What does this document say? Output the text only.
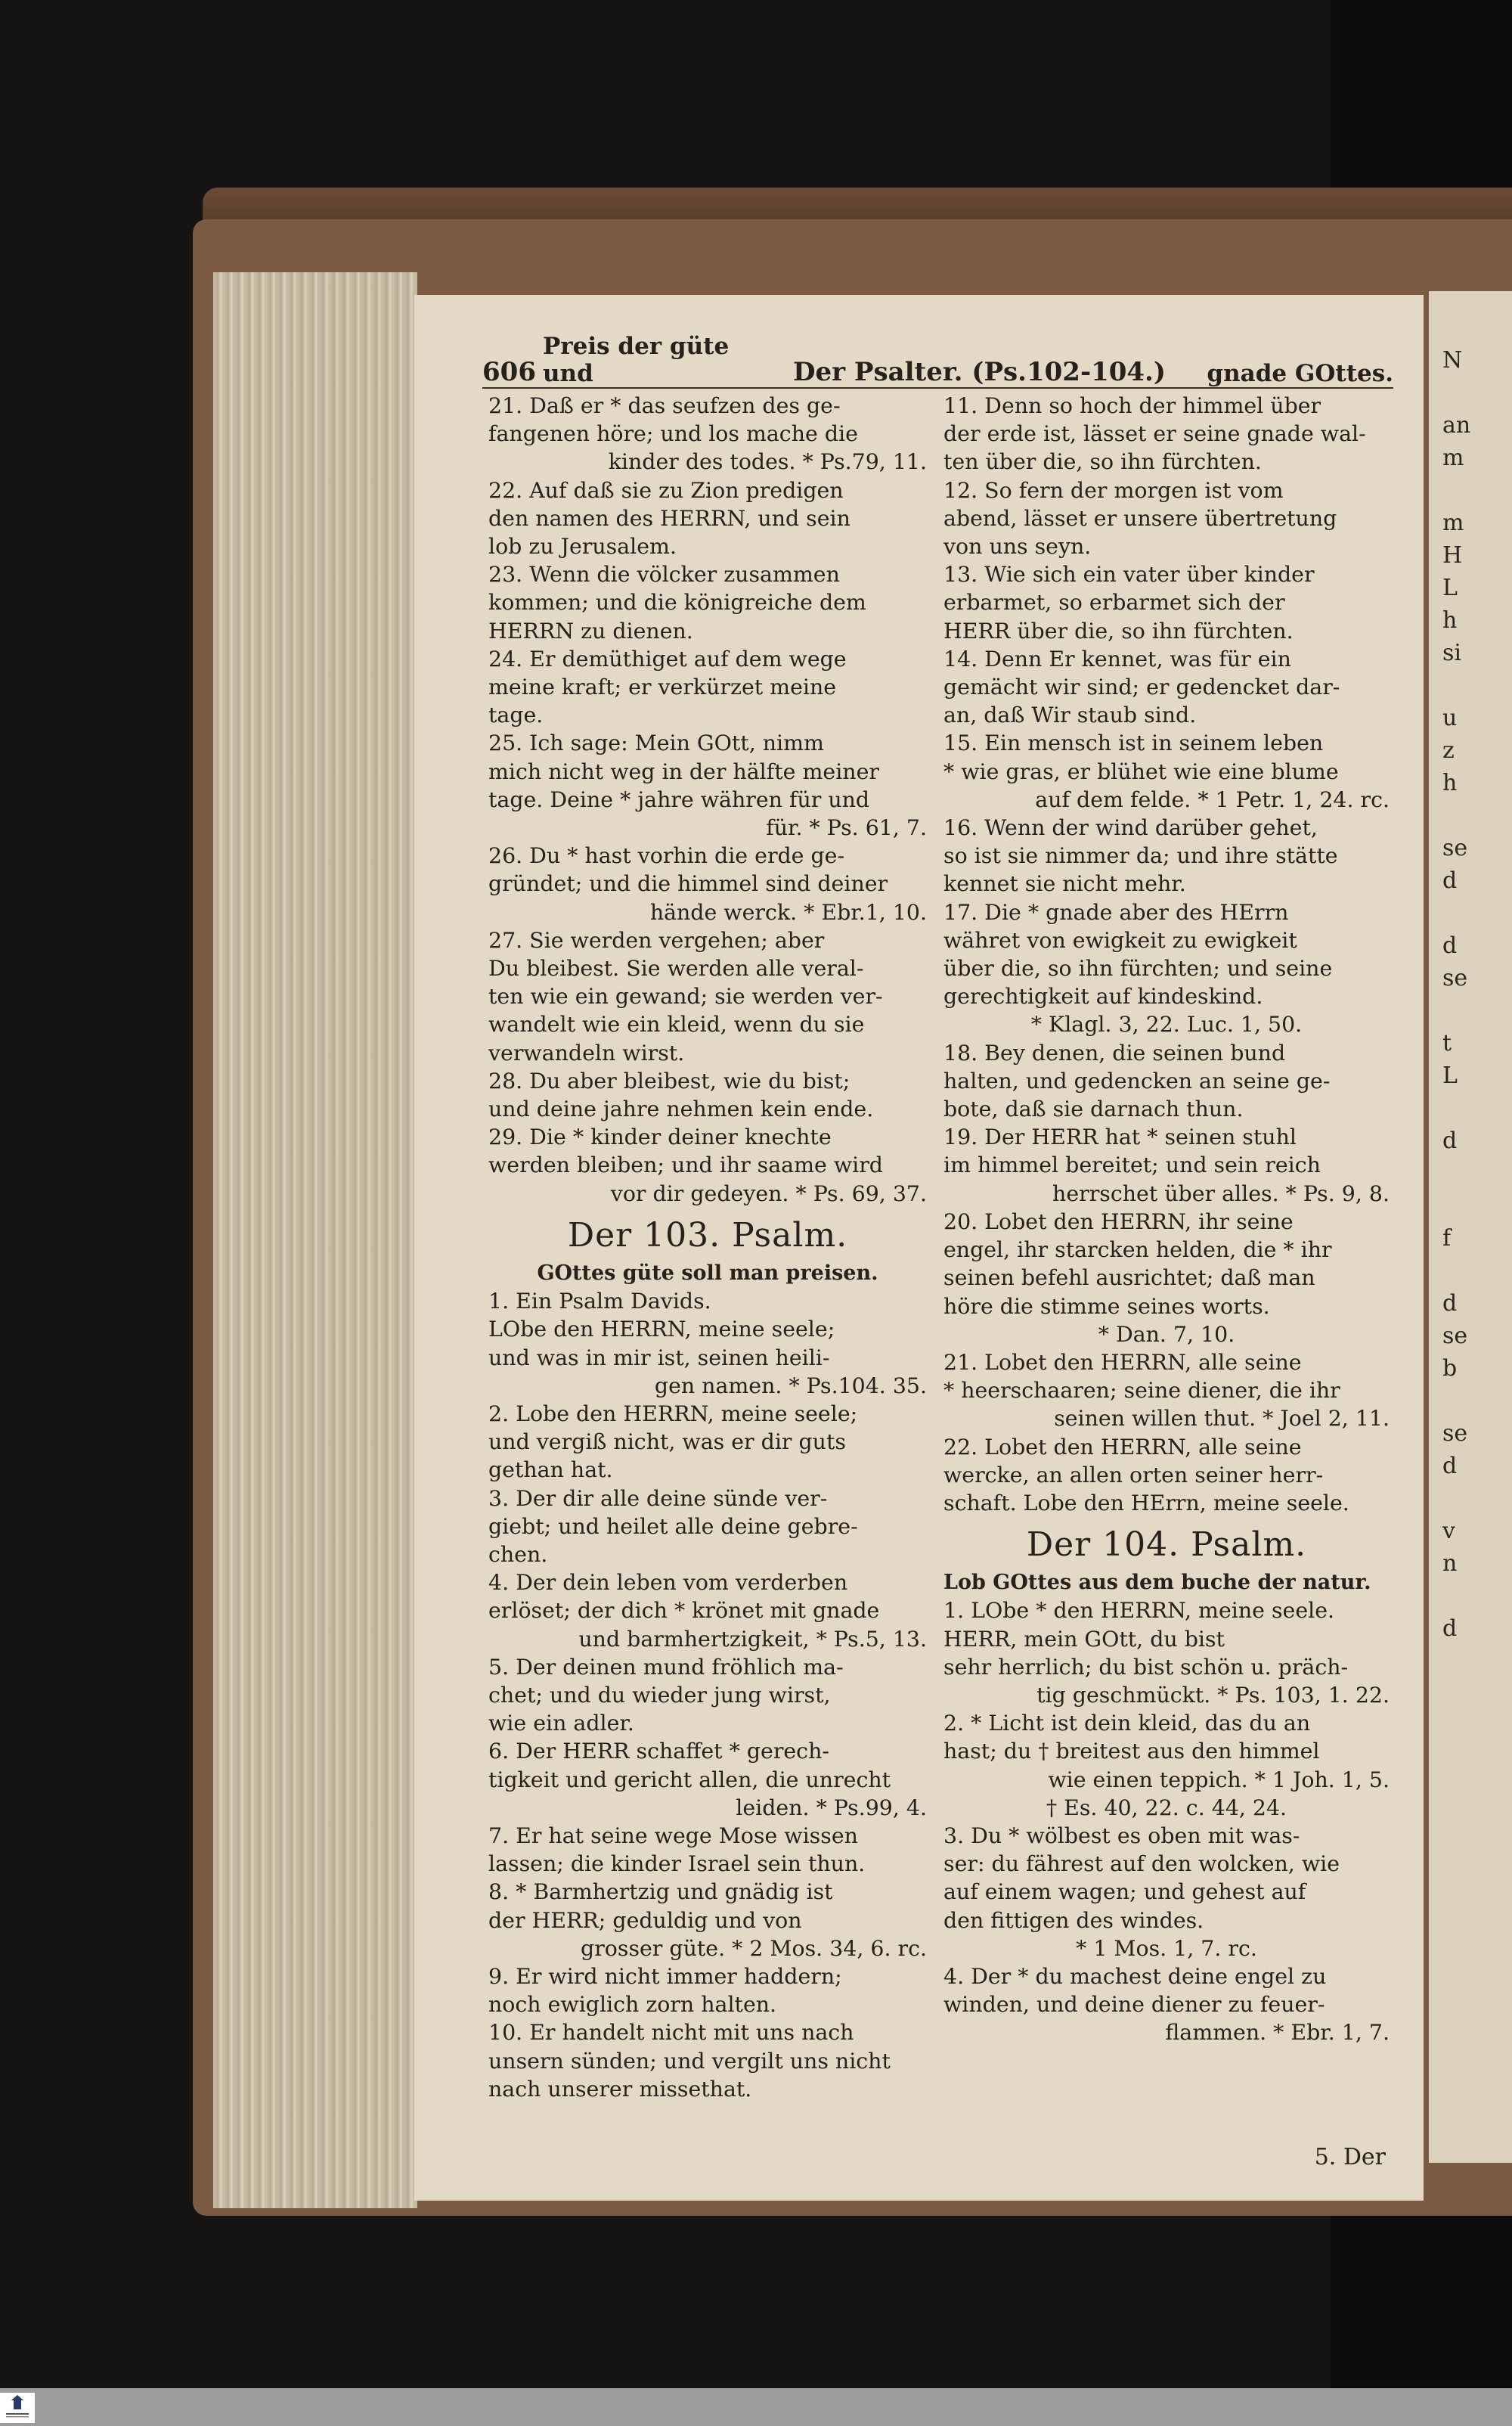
606
Preis der güte und	Der Psalter. (Ps.102-104.)	gnade GOttes.

21. Daß er * das seufzen des ge-

fangenen höre; und los mache die

kinder des todes. * Ps.79, 11.

22. Auf daß sie zu Zion predigen

den namen des HERRN, und sein

lob zu Jerusalem.

23. Wenn die völcker zusammen

kommen; und die königreiche dem

HERRN zu dienen.

24. Er demüthiget auf dem wege

meine kraft; er verkürzet meine

tage.

25. Ich sage: Mein GOtt, nimm

mich nicht weg in der hälfte meiner

tage. Deine * jahre währen für und

für. * Ps. 61, 7.

26. Du * hast vorhin die erde ge-

gründet; und die himmel sind deiner

hände werck. * Ebr.1, 10.

27. Sie werden vergehen; aber

Du bleibest. Sie werden alle veral-

ten wie ein gewand; sie werden ver-

wandelt wie ein kleid, wenn du sie

verwandeln wirst.

28. Du aber bleibest, wie du bist;

und deine jahre nehmen kein ende.

29. Die * kinder deiner knechte

werden bleiben; und ihr saame wird

vor dir gedeyen. * Ps. 69, 37.

Der 103. Psalm.

GOttes güte soll man preisen.

1. Ein Psalm Davids.

LObe den HERRN, meine seele;

und was in mir ist, seinen heili-

gen namen. * Ps.104. 35.

2. Lobe den HERRN, meine seele;

und vergiß nicht, was er dir guts

gethan hat.

3. Der dir alle deine sünde ver-

giebt; und heilet alle deine gebre-

chen.

4. Der dein leben vom verderben

erlöset; der dich * krönet mit gnade

und barmhertzigkeit, * Ps.5, 13.

5. Der deinen mund fröhlich ma-

chet; und du wieder jung wirst,

wie ein adler.

6. Der HERR schaffet * gerech-

tigkeit und gericht allen, die unrecht

leiden. * Ps.99, 4.

7. Er hat seine wege Mose wissen

lassen; die kinder Israel sein thun.

8. * Barmhertzig und gnädig ist

der HERR; geduldig und von

grosser güte. * 2 Mos. 34, 6. rc.

9. Er wird nicht immer haddern;

noch ewiglich zorn halten.

10. Er handelt nicht mit uns nach

unsern sünden; und vergilt uns nicht

nach unserer missethat.

11. Denn so hoch der himmel über

der erde ist, lässet er seine gnade wal-

ten über die, so ihn fürchten.

12. So fern der morgen ist vom

abend, lässet er unsere übertretung

von uns seyn.

13. Wie sich ein vater über kinder

erbarmet, so erbarmet sich der

HERR über die, so ihn fürchten.

14. Denn Er kennet, was für ein

gemächt wir sind; er gedencket dar-

an, daß Wir staub sind.

15. Ein mensch ist in seinem leben

* wie gras, er blühet wie eine blume

auf dem felde. * 1 Petr. 1, 24. rc.

16. Wenn der wind darüber gehet,

so ist sie nimmer da; und ihre stätte

kennet sie nicht mehr.

17. Die * gnade aber des HErrn

währet von ewigkeit zu ewigkeit

über die, so ihn fürchten; und seine

gerechtigkeit auf kindeskind.

* Klagl. 3, 22. Luc. 1, 50.

18. Bey denen, die seinen bund

halten, und gedencken an seine ge-

bote, daß sie darnach thun.

19. Der HERR hat * seinen stuhl

im himmel bereitet; und sein reich

herrschet über alles. * Ps. 9, 8.

20. Lobet den HERRN, ihr seine

engel, ihr starcken helden, die * ihr

seinen befehl ausrichtet; daß man

höre die stimme seines worts.

* Dan. 7, 10.

21. Lobet den HERRN, alle seine

* heerschaaren; seine diener, die ihr

seinen willen thut. * Joel 2, 11.

22. Lobet den HERRN, alle seine

wercke, an allen orten seiner herr-

schaft. Lobe den HErrn, meine seele.

Der 104. Psalm.

Lob GOttes aus dem buche der natur.

1. LObe * den HERRN, meine seele.

HERR, mein GOtt, du bist

sehr herrlich; du bist schön u. präch-

tig geschmückt. * Ps. 103, 1. 22.

2. * Licht ist dein kleid, das du an

hast; du † breitest aus den himmel

wie einen teppich. * 1 Joh. 1, 5.

† Es. 40, 22. c. 44, 24.

3. Du * wölbest es oben mit was-

ser: du fährest auf den wolcken, wie

auf einem wagen; und gehest auf

den fittigen des windes.

* 1 Mos. 1, 7. rc.

4. Der * du machest deine engel zu

winden, und deine diener zu feuer-

flammen. * Ebr. 1, 7.

5. Der
N

an
m

m
H
L
h
si

u
z
h

se
d

d
se

t
L

d

f

d
se
b

se
d

v
n

d
